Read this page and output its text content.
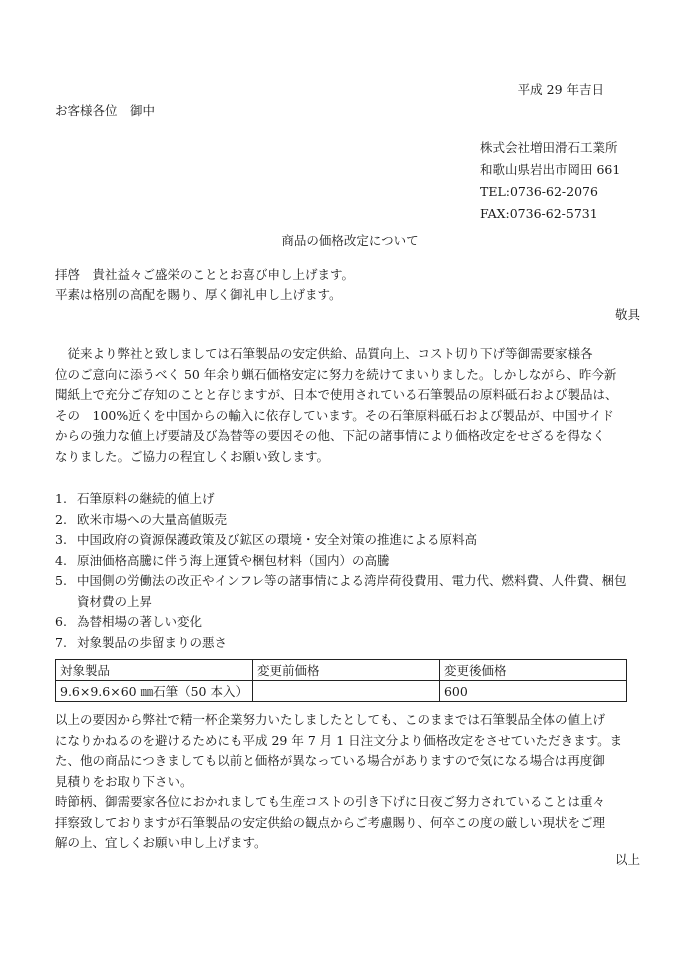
平成 29 年吉日
お客様各位　御中
株式会社増田滑石工業所
和歌山県岩出市岡田 661
TEL:0736-62-2076
FAX:0736-62-5731
商品の価格改定について
拝啓　貴社益々ご盛栄のこととお喜び申し上げます。
平素は格別の高配を賜り、厚く御礼申し上げます。
敬具
　従来より弊社と致しましては石筆製品の安定供給、品質向上、コスト切り下げ等御需要家様各
位のご意向に添うべく 50 年余り蝋石価格安定に努力を続けてまいりました。しかしながら、昨今新
聞紙上で充分ご存知のことと存じますが、日本で使用されている石筆製品の原料砥石および製品は、
その　100%近くを中国からの輸入に依存しています。その石筆原料砥石および製品が、中国サイド
からの強力な値上げ要請及び為替等の要因その他、下記の諸事情により価格改定をせざるを得なく
なりました。ご協力の程宜しくお願い致します。
1. 石筆原料の継続的値上げ
2. 欧米市場への大量高値販売
3. 中国政府の資源保護政策及び鉱区の環境・安全対策の推進による原料高
4. 原油価格高騰に伴う海上運賃や梱包材料（国内）の高騰
5. 中国側の労働法の改正やインフレ等の諸事情による湾岸荷役費用、電力代、燃料費、人件費、梱包資材費の上昇
6. 為替相場の著しい変化
7. 対象製品の歩留まりの悪さ
対象製品	変更前価格	変更後価格
9.6×9.6×60 ㎜石筆（50 本入）		600
以上の要因から弊社で精一杯企業努力いたしましたとしても、このままでは石筆製品全体の値上げ
になりかねるのを避けるためにも平成 29 年 7 月 1 日注文分より価格改定をさせていただきます。ま
た、他の商品につきましても以前と価格が異なっている場合がありますので気になる場合は再度御
見積りをお取り下さい。
時節柄、御需要家各位におかれましても生産コストの引き下げに日夜ご努力されていることは重々
拝察致しておりますが石筆製品の安定供給の観点からご考慮賜り、何卒この度の厳しい現状をご理
解の上、宜しくお願い申し上げます。
以上
